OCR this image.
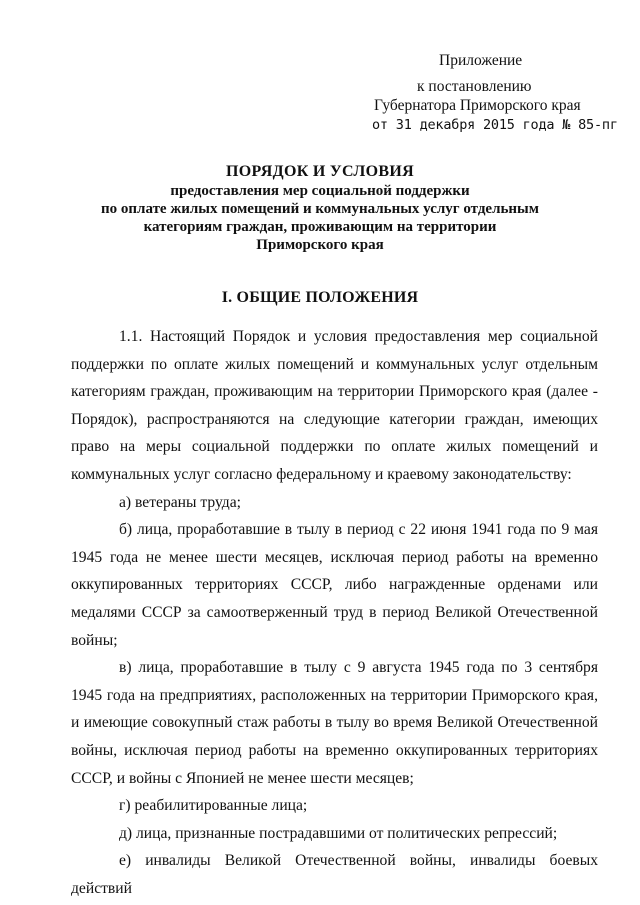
Приложение
к постановлению
Губернатора Приморского края
от 31 декабря 2015 года № 85-пг
ПОРЯДОК И УСЛОВИЯ
предоставления мер социальной поддержки
по оплате жилых помещений и коммунальных услуг отдельным
категориям граждан, проживающим на территории
Приморского края
I. ОБЩИЕ ПОЛОЖЕНИЯ

1.1. Настоящий Порядок и условия предоставления мер социальной поддержки по оплате жилых помещений и коммунальных услуг отдельным категориям граждан, проживающим на территории Приморского края (далее - Порядок), распространяются на следующие категории граждан, имеющих право на меры социальной поддержки по оплате жилых помещений и коммунальных услуг согласно федеральному и краевому законодательству:

а) ветераны труда;

б) лица, проработавшие в тылу в период с 22 июня 1941 года по 9 мая 1945 года не менее шести месяцев, исключая период работы на временно оккупированных территориях СССР, либо награжденные орденами или медалями СССР за самоотверженный труд в период Великой Отечественной войны;

в) лица, проработавшие в тылу с 9 августа 1945 года по 3 сентября 1945 года на предприятиях, расположенных на территории Приморского края, и имеющие совокупный стаж работы в тылу во время Великой Отечественной войны, исключая период работы на временно оккупированных территориях СССР, и войны с Японией не менее шести месяцев;

г) реабилитированные лица;

д) лица, признанные пострадавшими от политических репрессий;

е) инвалиды Великой Отечественной войны, инвалиды боевых действий
